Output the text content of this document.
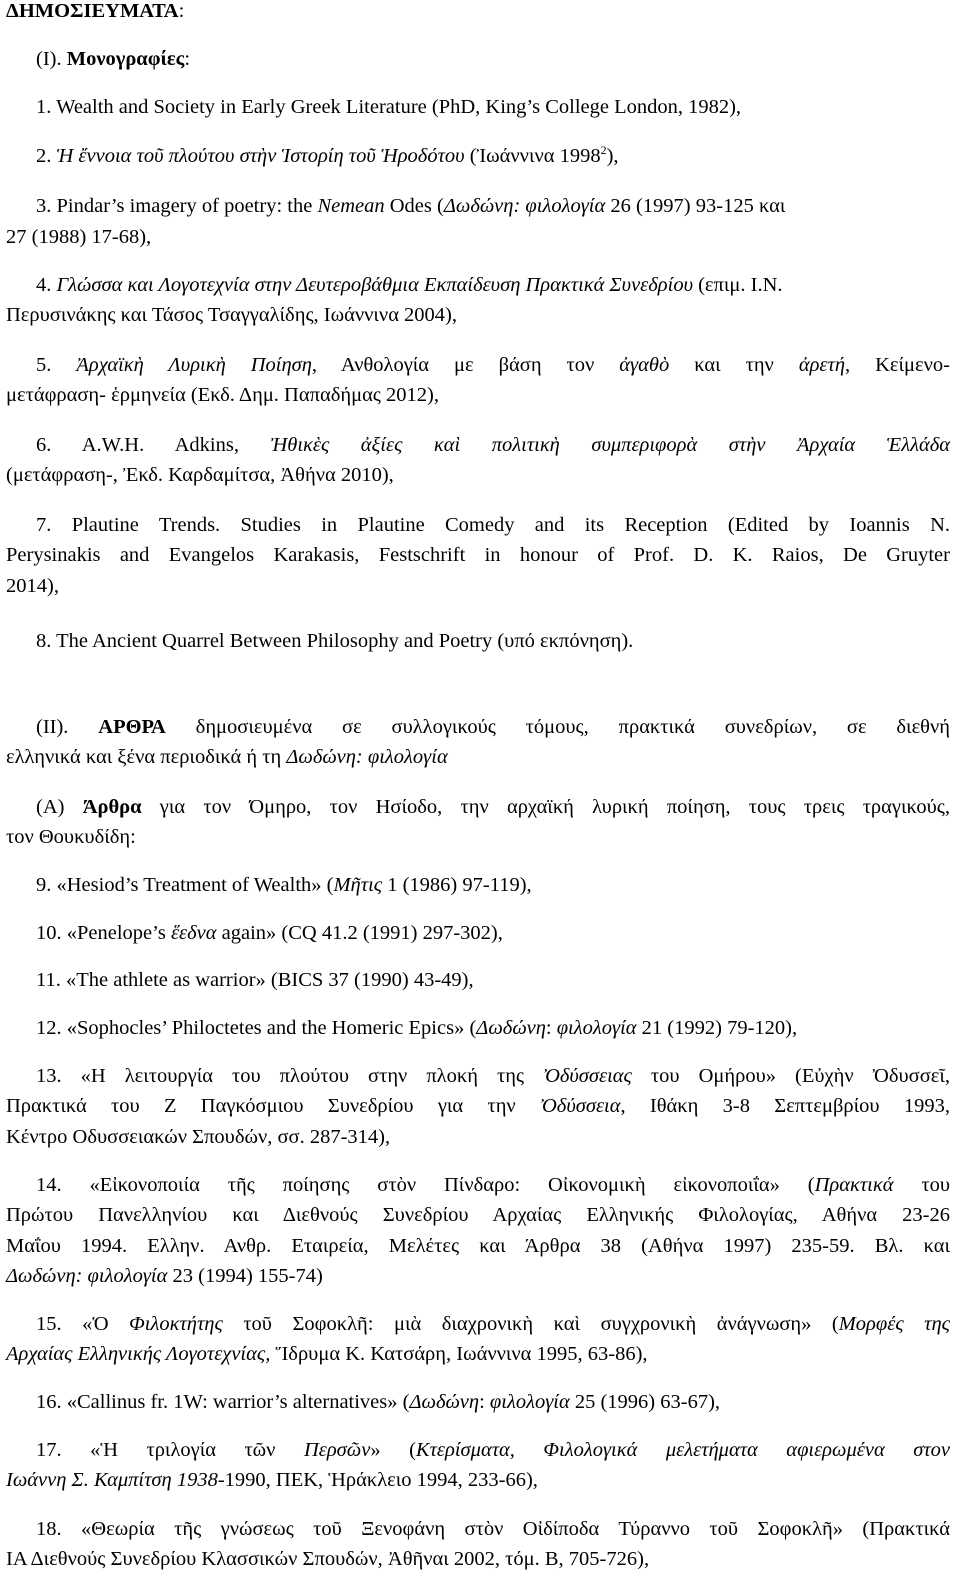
ΔΗΜΟΣΙΕΥΜΑΤΑ:
(Ι). Μονογραφίες:
1. Wealth and Society in Early Greek Literature (PhD, King’s College London, 1982),
2. Ἡ ἔννοια τοῦ πλούτου στὴν Ἱστορίη τοῦ Ἡροδότου (Ἰωάννινα 1998$^2$),
3. Pindar’s imagery of poetry: the Nemean Odes (Δωδώνη: φιλολογία 26 (1997) 93-125 και
27 (1988) 17-68),
4. Γλώσσα και Λογοτεχνία στην Δευτεροβάθμια Εκπαίδευση Πρακτικά Συνεδρίου (επιμ. Ι.Ν.
Περυσινάκης και Τάσος Τσαγγαλίδης, Ιωάννινα 2004),
5. Ἀρχαϊκὴ Λυρικὴ Ποίηση, Ανθολογία με βάση τον ἀγαθὸ και την ἀρετή, Κείμενο-
μετάφραση- ἑρμηνεία (Εκδ. Δημ. Παπαδήμας 2012),
6. A.W.H. Adkins, Ἠθικὲς ἀξίες καὶ πολιτικὴ συμπεριφορὰ στὴν Ἀρχαία Ἑλλάδα
(μετάφραση-, Ἐκδ. Καρδαμίτσα, Ἀθήνα 2010),
7. Plautine Trends. Studies in Plautine Comedy and its Reception (Edited by Ioannis N.
Perysinakis and Evangelos Karakasis, Festschrift in honour of Prof. D. K. Raios, De Gruyter
2014),
8. The Ancient Quarrel Between Philosophy and Poetry (υπό εκπόνηση).
(ΙΙ). ΑΡΘΡΑ δημοσιευμένα σε συλλογικούς τόμους, πρακτικά συνεδρίων, σε διεθνή
ελληνικά και ξένα περιοδικά ή τη Δωδώνη: φιλολογία
(Α) Άρθρα για τον Όμηρο, τον Ησίοδο, την αρχαϊκή λυρική ποίηση, τους τρεις τραγικούς,
τον Θουκυδίδη:
9. «Hesiod’s Treatment of Wealth» (Μῆτις 1 (1986) 97-119),
10. «Penelope’s ἕεδνα again» (CQ 41.2 (1991) 297-302),
11. «The athlete as warrior» (BICS 37 (1990) 43-49),
12. «Sophocles’ Philoctetes and the Homeric Epics» (Δωδώνη: φιλολογία 21 (1992) 79-120),
13. «Η λειτουργία του πλούτου στην πλοκή της Ὀδύσσειας του Ομήρου» (Εὐχὴν Ὀδυσσεῖ,
Πρακτικά του Ζ Παγκόσμιου Συνεδρίου για την Ὀδύσσεια, Ιθάκη 3-8 Σεπτεμβρίου 1993,
Κέντρο Οδυσσειακών Σπουδών, σσ. 287-314),
14. «Εἰκονοποιία τῆς ποίησης στὸν Πίνδαρο: Οἰκονομικὴ εἰκονοποιΐα» (Πρακτικά του
Πρώτου Πανελληνίου και Διεθνούς Συνεδρίου Αρχαίας Ελληνικής Φιλολογίας, Αθήνα 23-26
Μαΐου 1994. Ελλην. Ανθρ. Εταιρεία, Μελέτες και Άρθρα 38 (Αθήνα 1997) 235-59. Βλ. και
Δωδώνη: φιλολογία 23 (1994) 155-74)
15. «Ὁ Φιλοκτήτης τοῦ Σοφοκλῆ: μιὰ διαχρονικὴ καὶ συγχρονικὴ ἀνάγνωση» (Μορφές της
Αρχαίας Ελληνικής Λογοτεχνίας, Ἵδρυμα Κ. Κατσάρη, Ιωάννινα 1995, 63-86),
16. «Callinus fr. 1W: warrior’s alternatives» (Δωδώνη: φιλολογία 25 (1996) 63-67),
17. «Ἡ τριλογία τῶν Περσῶν» (Κτερίσματα, Φιλολογικά μελετήματα αφιερωμένα στον
Ιωάννη Σ. Καμπίτση 1938-1990, ΠΕΚ, Ἡράκλειο 1994, 233-66),
18. «Θεωρία τῆς γνώσεως τοῦ Ξενοφάνη στὸν Οἰδίποδα Τύραννο τοῦ Σοφοκλῆ» (Πρακτικά
ΙΑ Διεθνούς Συνεδρίου Κλασσικών Σπουδών, Ἀθῆναι 2002, τόμ. Β, 705-726),
